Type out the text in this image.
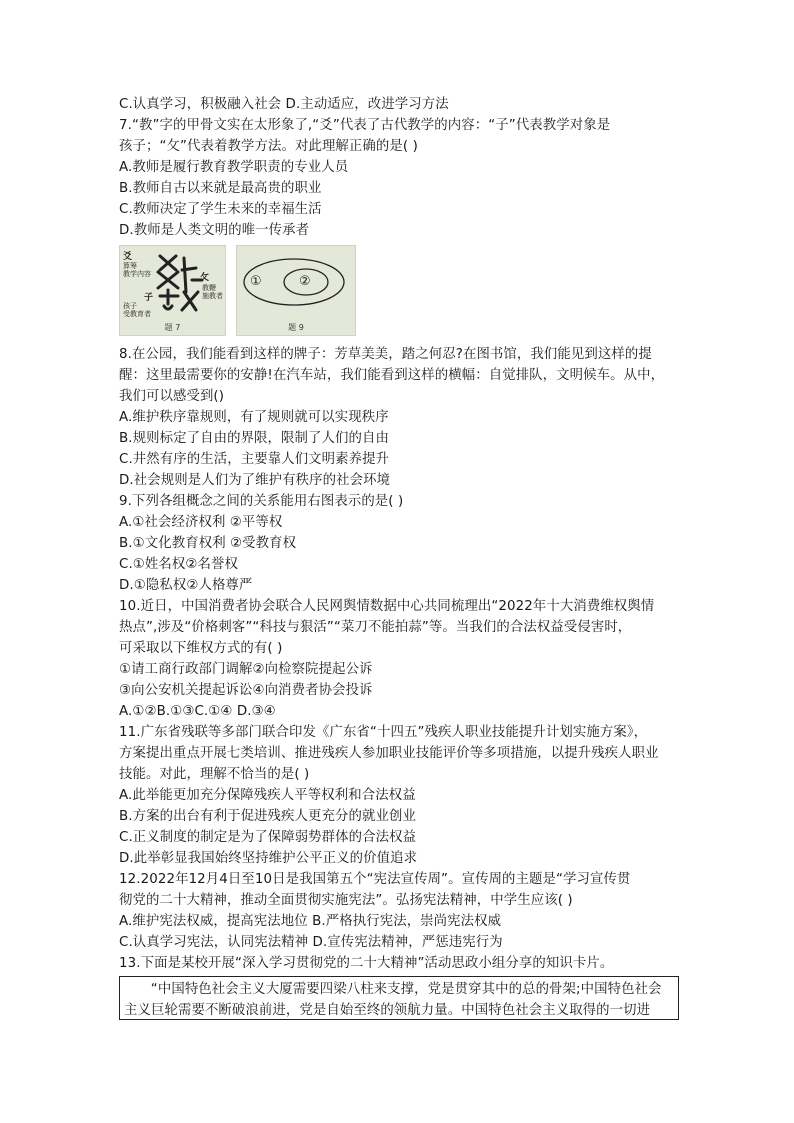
C.认真学习，积极融入社会 D.主动适应，改进学习方法
7.“教”字的甲骨文实在太形象了,“爻”代表了古代教学的内容：“子”代表教学对象是
孩子；“攵”代表着教学方法。对此理解正确的是( )
A.教师是履行教育教学职责的专业人员
B.教师自古以来就是最高贵的职业
C.教师决定了学生未来的幸福生活
D.教师是人类文明的唯一传承者
爻
算筹
教学内容
子
孩子
受教育者
攵
教鞭
施教者
题 7
①	②
题 9
8.在公园，我们能看到这样的牌子：芳草美美，踏之何忍?在图书馆，我们能见到这样的提
醒：这里最需要你的安静!在汽车站，我们能看到这样的横幅：自觉排队，文明候车。从中，
我们可以感受到()
A.维护秩序靠规则，有了规则就可以实现秩序
B.规则标定了自由的界限，限制了人们的自由
C.井然有序的生活，主要靠人们文明素养提升
D.社会规则是人们为了维护有秩序的社会环境
9.下列各组概念之间的关系能用右图表示的是( )
A.①社会经济权利 ②平等权
B.①文化教育权利 ②受教育权
C.①姓名权②名誉权
D.①隐私权②人格尊严
10.近日，中国消费者协会联合人民网舆情数据中心共同梳理出“2022年十大消费维权舆情
热点”,涉及“价格刺客”“科技与狠活”“菜刀不能拍蒜”等。当我们的合法权益受侵害时，
可采取以下维权方式的有( )
①请工商行政部门调解②向检察院提起公诉
③向公安机关提起诉讼④向消费者协会投诉
A.①②B.①③C.①④ D.③④
11.广东省残联等多部门联合印发《广东省“十四五”残疾人职业技能提升计划实施方案》，
方案提出重点开展七类培训、推进残疾人参加职业技能评价等多项措施，以提升残疾人职业
技能。对此，理解不恰当的是( )
A.此举能更加充分保障残疾人平等权利和合法权益
B.方案的出台有利于促进残疾人更充分的就业创业
C.正义制度的制定是为了保障弱势群体的合法权益
D.此举彰显我国始终坚持维护公平正义的价值追求
12.2022年12月4日至10日是我国第五个“宪法宣传周”。宣传周的主题是“学习宣传贯
彻党的二十大精神，推动全面贯彻实施宪法”。弘扬宪法精神，中学生应该( )
A.维护宪法权威，提高宪法地位 B.严格执行宪法，崇尚宪法权威
C.认真学习宪法，认同宪法精神 D.宣传宪法精神，严惩违宪行为
13.下面是某校开展“深入学习贯彻党的二十大精神”活动思政小组分享的知识卡片。
“中国特色社会主义大厦需要四梁八柱来支撑，党是贯穿其中的总的骨架;中国特色社会主义巨轮需要不断破浪前进，党是自始至终的领航力量。中国特色社会主义取得的一切进
